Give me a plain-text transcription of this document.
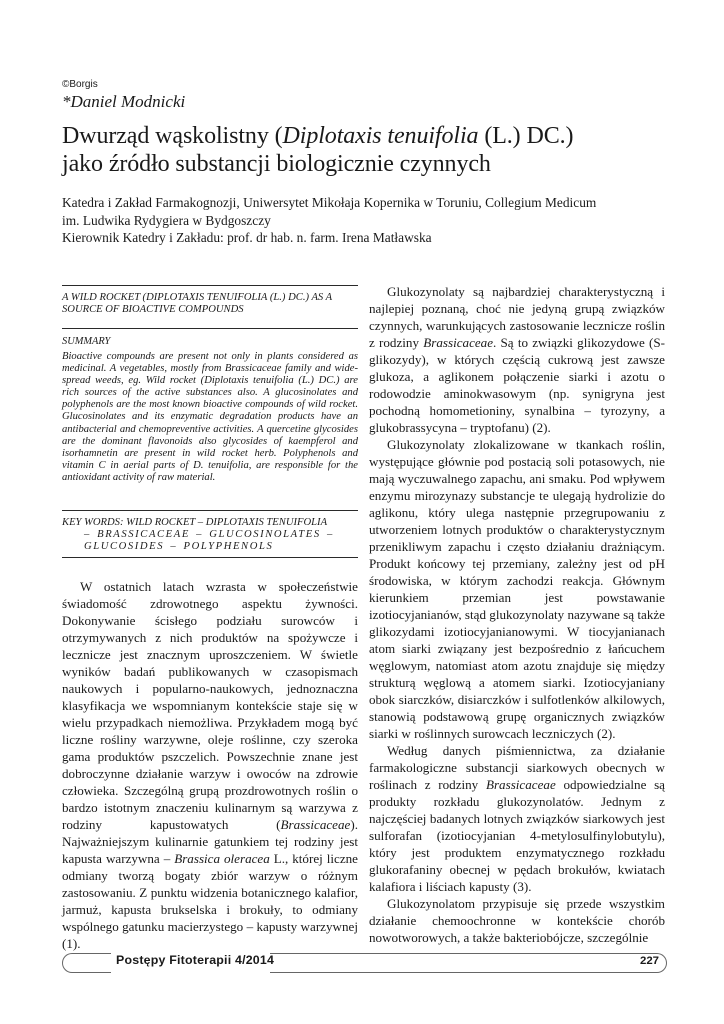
©Borgis
*Daniel Modnicki
Dwurząd wąskolistny (Diplotaxis tenuifolia (L.) DC.)
jako źródło substancji biologicznie czynnych
Katedra i Zakład Farmakognozji, Uniwersytet Mikołaja Kopernika w Toruniu, Collegium Medicum
im. Ludwika Rydygiera w Bydgoszczy
Kierownik Katedry i Zakładu: prof. dr hab. n. farm. Irena Matławska
A WILD ROCKET (DIPLOTAXIS TENUIFOLIA (L.) DC.) AS A SOURCE OF BIOACTIVE COMPOUNDS
SUMMARY
Bioactive compounds are present not only in plants considered as medicinal. A vegetables, mostly from Brassicaceae family and wide-spread weeds, eg. Wild rocket (Diplotaxis tenuifolia (L.) DC.) are rich sources of the active substances also. A glucosinolates and polyphenols are the most known bioactive compounds of wild rocket. Glucosinolates and its enzymatic degradation products have an antibacterial and chemopreventive activities. A quercetine glycosides are the dominant flavonoids also glycosides of kaempferol and isorhamnetin are present in wild rocket herb. Polyphenols and vitamin C in aerial parts of D. tenuifolia, are responsible for the antioxidant activity of raw material.
KEY WORDS: WILD ROCKET – DIPLOTAXIS TENUIFOLIA
– BRASSICACEAE – GLUCOSINOLATES –
GLUCOSIDES – POLYPHENOLS

W ostatnich latach wzrasta w społeczeństwie świadomość zdrowotnego aspektu żywności. Dokonywanie ścisłego podziału surowców i otrzymywanych z nich produktów na spożywcze i lecznicze jest znacznym uproszczeniem. W świetle wyników badań publikowanych w czasopismach naukowych i popularno-naukowych, jednoznaczna klasyfikacja we wspomnianym kontekście staje się w wielu przypadkach niemożliwa. Przykładem mogą być liczne rośliny warzywne, oleje roślinne, czy szeroka gama produktów pszczelich. Powszechnie znane jest dobroczynne działanie warzyw i owoców na zdrowie człowieka. Szczególną grupą prozdrowotnych roślin o bardzo istotnym znaczeniu kulinarnym są warzywa z rodziny kapustowatych (Brassicaceae). Najważniejszym kulinarnie gatunkiem tej rodziny jest kapusta warzywna – Brassica oleracea L., której liczne odmiany tworzą bogaty zbiór warzyw o różnym zastosowaniu. Z punktu widzenia botanicznego kalafior, jarmuż, kapusta brukselska i brokuły, to odmiany wspólnego gatunku macierzystego – kapusty warzywnej (1).

Glukozynolaty są najbardziej charakterystyczną i najlepiej poznaną, choć nie jedyną grupą związków czynnych, warunkujących zastosowanie lecznicze roślin z rodziny Brassicaceae. Są to związki glikozydowe (S-glikozydy), w których częścią cukrową jest zawsze glukoza, a aglikonem połączenie siarki i azotu o rodowodzie aminokwasowym (np. synigryna jest pochodną homometioniny, synalbina – tyrozyny, a glukobrassycyna – tryptofanu) (2).

Glukozynolaty zlokalizowane w tkankach roślin, występujące głównie pod postacią soli potasowych, nie mają wyczuwalnego zapachu, ani smaku. Pod wpływem enzymu mirozynazy substancje te ulegają hydrolizie do aglikonu, który ulega następnie przegrupowaniu z utworzeniem lotnych produktów o charakterystycznym przenikliwym zapachu i często działaniu drażniącym. Produkt końcowy tej przemiany, zależny jest od pH środowiska, w którym zachodzi reakcja. Głównym kierunkiem przemian jest powstawanie izotiocyjanianów, stąd glukozynolaty nazywane są także glikozydami izotiocyjanianowymi. W tiocyjanianach atom siarki związany jest bezpośrednio z łańcuchem węglowym, natomiast atom azotu znajduje się między strukturą węglową a atomem siarki. Izotiocyjaniany obok siarczków, disiarczków i sulfotlenków alkilowych, stanowią podstawową grupę organicznych związków siarki w roślinnych surowcach leczniczych (2).

Według danych piśmiennictwa, za działanie farmakologiczne substancji siarkowych obecnych w roślinach z rodziny Brassicaceae odpowiedzialne są produkty rozkładu glukozynolatów. Jednym z najczęściej badanych lotnych związków siarkowych jest sulforafan (izotiocyjanian 4-metylosulfinylobutylu), który jest produktem enzymatycznego rozkładu glukorafaniny obecnej w pędach brokułów, kwiatach kalafiora i liściach kapusty (3).

Glukozynolatom przypisuje się przede wszystkim działanie chemoochronne w kontekście chorób nowotworowych, a także bakteriobójcze, szczególnie

Postępy Fitoterapii 4/2014	227
